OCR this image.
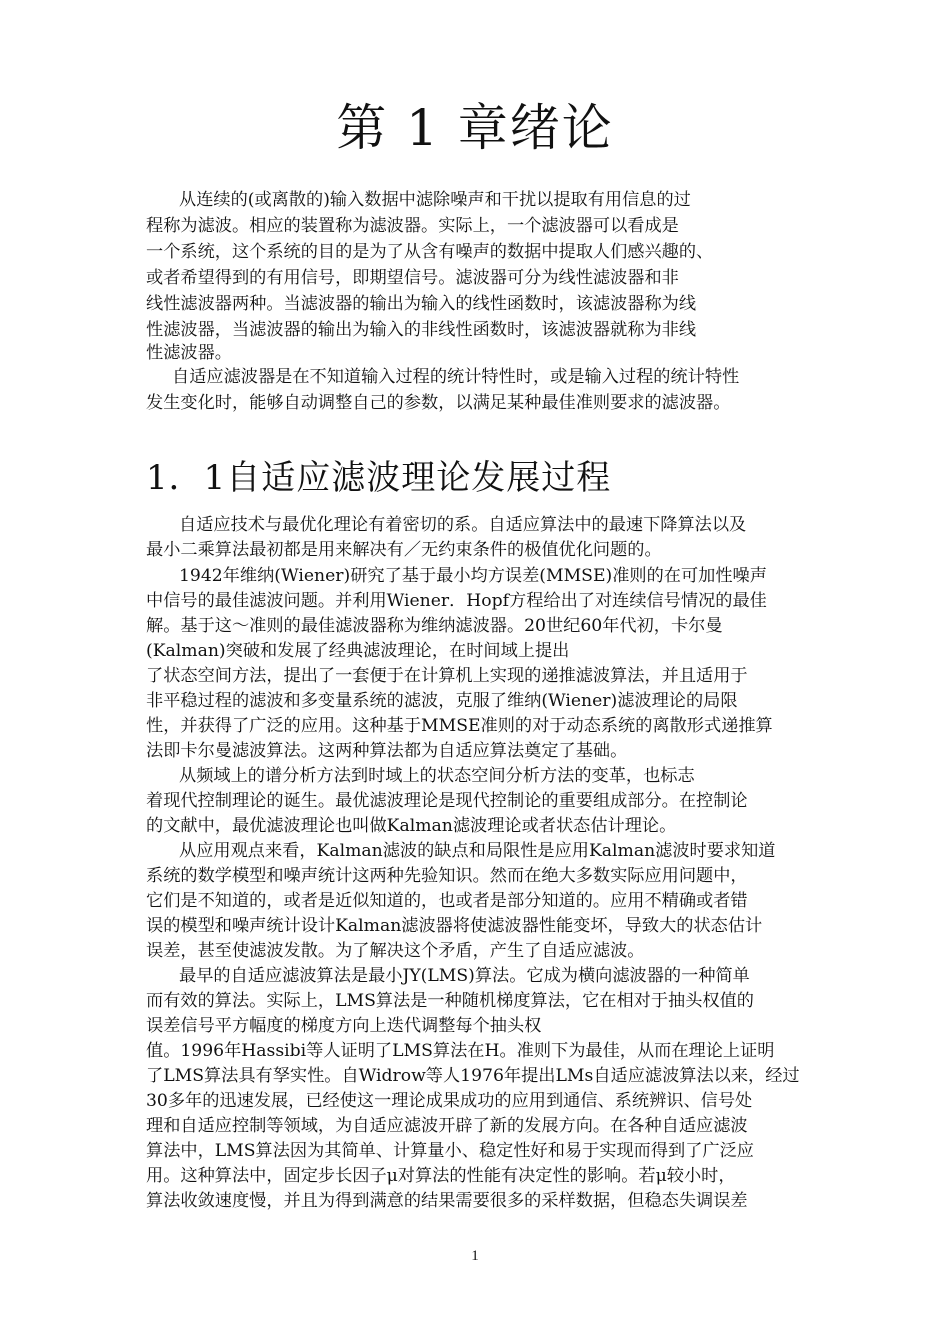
第 1 章绪论
从连续的(或离散的)输入数据中滤除噪声和干扰以提取有用信息的过
程称为滤波。相应的装置称为滤波器。实际上，一个滤波器可以看成是
一个系统，这个系统的目的是为了从含有噪声的数据中提取人们感兴趣的、
或者希望得到的有用信号，即期望信号。滤波器可分为线性滤波器和非
线性滤波器两种。当滤波器的输出为输入的线性函数时，该滤波器称为线
性滤波器，当滤波器的输出为输入的非线性函数时，该滤波器就称为非线
性滤波器。
自适应滤波器是在不知道输入过程的统计特性时，或是输入过程的统计特性
发生变化时，能够自动调整自己的参数，以满足某种最佳准则要求的滤波器。
1．1自适应滤波理论发展过程
自适应技术与最优化理论有着密切的系。自适应算法中的最速下降算法以及
最小二乘算法最初都是用来解决有／无约束条件的极值优化问题的。
1942年维纳(Wiener)研究了基于最小均方误差(MMSE)准则的在可加性噪声
中信号的最佳滤波问题。并利用Wiener．Hopf方程给出了对连续信号情况的最佳
解。基于这～准则的最佳滤波器称为维纳滤波器。20世纪60年代初，卡尔曼
(Kalman)突破和发展了经典滤波理论，在时间域上提出
了状态空间方法，提出了一套便于在计算机上实现的递推滤波算法，并且适用于
非平稳过程的滤波和多变量系统的滤波，克服了维纳(Wiener)滤波理论的局限
性，并获得了广泛的应用。这种基于MMSE准则的对于动态系统的离散形式递推算
法即卡尔曼滤波算法。这两种算法都为自适应算法奠定了基础。
从频域上的谱分析方法到时域上的状态空间分析方法的变革，也标志
着现代控制理论的诞生。最优滤波理论是现代控制论的重要组成部分。在控制论
的文献中，最优滤波理论也叫做Kalman滤波理论或者状态估计理论。
从应用观点来看，Kalman滤波的缺点和局限性是应用Kalman滤波时要求知道
系统的数学模型和噪声统计这两种先验知识。然而在绝大多数实际应用问题中，
它们是不知道的，或者是近似知道的，也或者是部分知道的。应用不精确或者错
误的模型和噪声统计设计Kalman滤波器将使滤波器性能变坏，导致大的状态估计
误差，甚至使滤波发散。为了解决这个矛盾，产生了自适应滤波。
最早的自适应滤波算法是最小JY(LMS)算法。它成为横向滤波器的一种简单
而有效的算法。实际上，LMS算法是一种随机梯度算法，它在相对于抽头权值的
误差信号平方幅度的梯度方向上迭代调整每个抽头权
值。1996年Hassibi等人证明了LMS算法在H。准则下为最佳，从而在理论上证明
了LMS算法具有孥实性。自Widrow等人1976年提出LMs自适应滤波算法以来，经过
30多年的迅速发展，已经使这一理论成果成功的应用到通信、系统辨识、信号处
理和自适应控制等领域，为自适应滤波开辟了新的发展方向。在各种自适应滤波
算法中，LMS算法因为其简单、计算量小、稳定性好和易于实现而得到了广泛应
用。这种算法中，固定步长因子μ对算法的性能有决定性的影响。若μ较小时，
算法收敛速度慢，并且为得到满意的结果需要很多的采样数据，但稳态失调误差
1
